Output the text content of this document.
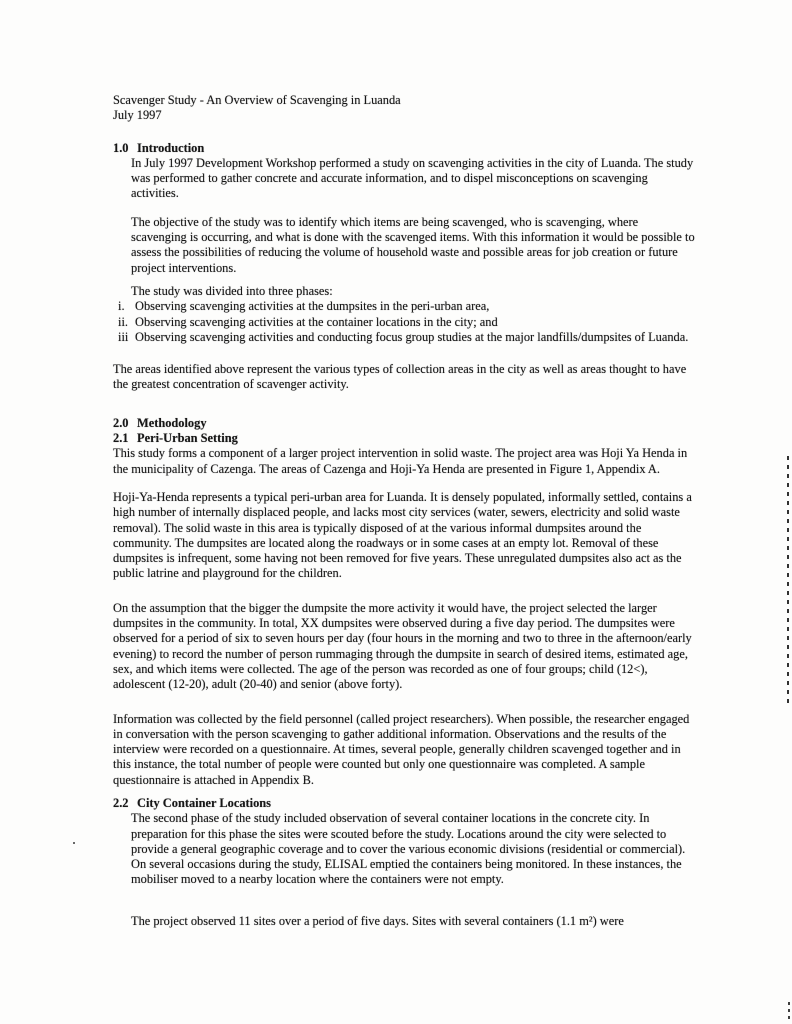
Scavenger Study - An Overview of Scavenging in Luanda
July 1997
1.0 Introduction

In July 1997 Development Workshop performed a study on scavenging activities in the city of Luanda. The study was performed to gather concrete and accurate information, and to dispel misconceptions on scavenging activities.

The objective of the study was to identify which items are being scavenged, who is scavenging, where scavenging is occurring, and what is done with the scavenged items. With this information it would be possible to assess the possibilities of reducing the volume of household waste and possible areas for job creation or future project interventions.

The study was divided into three phases:

i. Observing scavenging activities at the dumpsites in the peri-urban area,
ii. Observing scavenging activities at the container locations in the city; and
iii Observing scavenging activities and conducting focus group studies at the major landfills/dumpsites of Luanda.

The areas identified above represent the various types of collection areas in the city as well as areas thought to have the greatest concentration of scavenger activity.

2.0 Methodology
2.1 Peri-Urban Setting

This study forms a component of a larger project intervention in solid waste. The project area was Hoji Ya Henda in the municipality of Cazenga. The areas of Cazenga and Hoji-Ya Henda are presented in Figure 1, Appendix A.

Hoji-Ya-Henda represents a typical peri-urban area for Luanda. It is densely populated, informally settled, contains a high number of internally displaced people, and lacks most city services (water, sewers, electricity and solid waste removal). The solid waste in this area is typically disposed of at the various informal dumpsites around the community. The dumpsites are located along the roadways or in some cases at an empty lot. Removal of these dumpsites is infrequent, some having not been removed for five years. These unregulated dumpsites also act as the public latrine and playground for the children.

On the assumption that the bigger the dumpsite the more activity it would have, the project selected the larger dumpsites in the community. In total, XX dumpsites were observed during a five day period. The dumpsites were observed for a period of six to seven hours per day (four hours in the morning and two to three in the afternoon/early evening) to record the number of person rummaging through the dumpsite in search of desired items, estimated age, sex, and which items were collected. The age of the person was recorded as one of four groups; child (12<), adolescent (12-20), adult (20-40) and senior (above forty).

Information was collected by the field personnel (called project researchers). When possible, the researcher engaged in conversation with the person scavenging to gather additional information. Observations and the results of the interview were recorded on a questionnaire. At times, several people, generally children scavenged together and in this instance, the total number of people were counted but only one questionnaire was completed. A sample questionnaire is attached in Appendix B.

2.2 City Container Locations

The second phase of the study included observation of several container locations in the concrete city. In preparation for this phase the sites were scouted before the study. Locations around the city were selected to provide a general geographic coverage and to cover the various economic divisions (residential or commercial). On several occasions during the study, ELISAL emptied the containers being monitored. In these instances, the mobiliser moved to a nearby location where the containers were not empty.

The project observed 11 sites over a period of five days. Sites with several containers (1.1 m²) were
